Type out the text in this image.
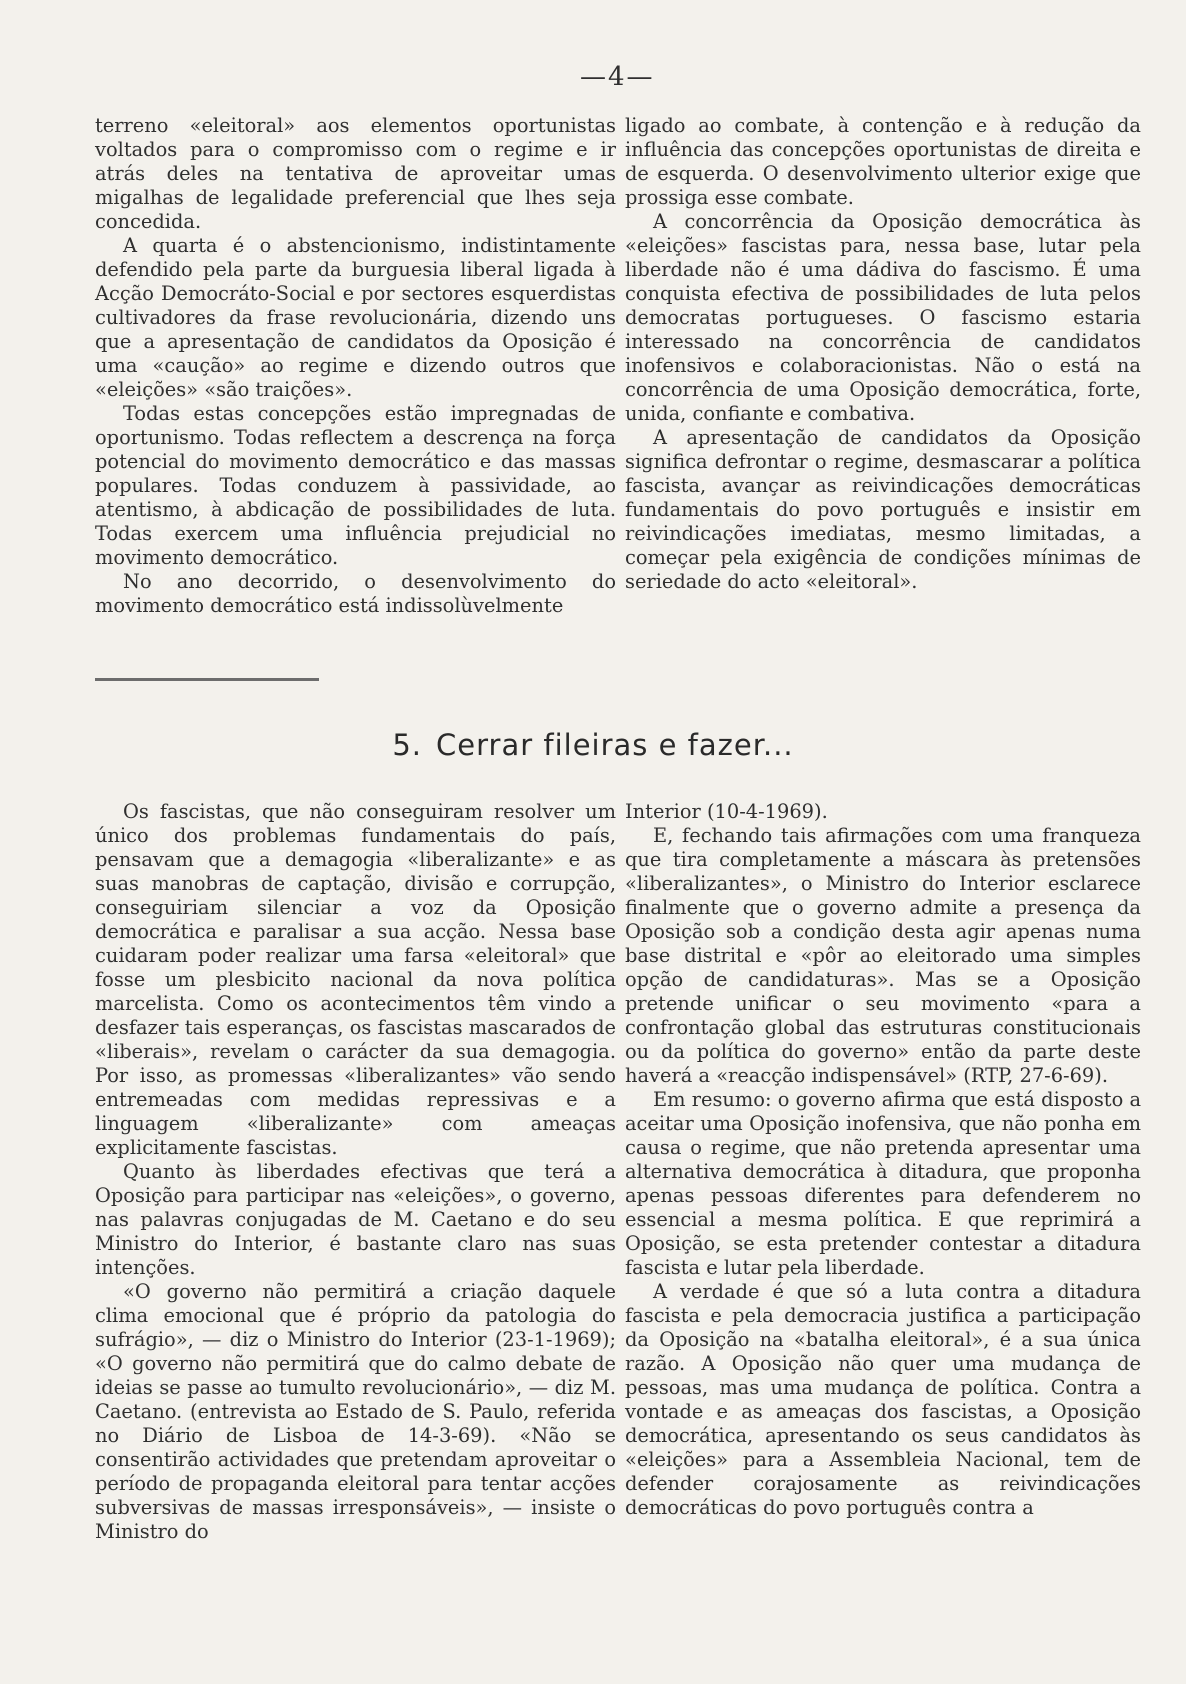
—4—

terreno «eleitoral» aos elementos oportunistas voltados para o compromisso com o regime e ir atrás deles na tentativa de aproveitar umas migalhas de legalidade preferencial que lhes seja concedida.

A quarta é o abstencionismo, indistintamente defendido pela parte da burguesia liberal ligada à Acção Democráto-Social e por sectores esquerdistas cultivadores da frase revolucionária, dizendo uns que a apresentação de candidatos da Oposição é uma «caução» ao regime e dizendo outros que «eleições» «são traições».

Todas estas concepções estão impregnadas de oportunismo. Todas reflectem a descrença na força potencial do movimento democrático e das massas populares. Todas conduzem à passividade, ao atentismo, à abdicação de possibilidades de luta. Todas exercem uma influência prejudicial no movimento democrático.

No ano decorrido, o desenvolvimento do movimento democrático está indissolùvelmente

ligado ao combate, à contenção e à redução da influência das concepções oportunistas de direita e de esquerda. O desenvolvimento ulterior exige que prossiga esse combate.

A concorrência da Oposição democrática às «eleições» fascistas para, nessa base, lutar pela liberdade não é uma dádiva do fascismo. É uma conquista efectiva de possibilidades de luta pelos democratas portugueses. O fascismo estaria interessado na concorrência de candidatos inofensivos e colaboracionistas. Não o está na concorrência de uma Oposição democrática, forte, unida, confiante e combativa.

A apresentação de candidatos da Oposição significa defrontar o regime, desmascarar a política fascista, avançar as reivindicações democráticas fundamentais do povo português e insistir em reivindicações imediatas, mesmo limitadas, a começar pela exigência de condições mínimas de seriedade do acto «eleitoral».

5. Cerrar fileiras e fazer...

Os fascistas, que não conseguiram resolver um único dos problemas fundamentais do país, pensavam que a demagogia «liberalizante» e as suas manobras de captação, divisão e corrupção, conseguiriam silenciar a voz da Oposição democrática e paralisar a sua acção. Nessa base cuidaram poder realizar uma farsa «eleitoral» que fosse um plesbicito nacional da nova política marcelista. Como os acontecimentos têm vindo a desfazer tais esperanças, os fascistas mascarados de «liberais», revelam o carácter da sua demagogia. Por isso, as promessas «liberalizantes» vão sendo entremeadas com medidas repressivas e a linguagem «liberalizante» com ameaças explicitamente fascistas.

Quanto às liberdades efectivas que terá a Oposição para participar nas «eleições», o governo, nas palavras conjugadas de M. Caetano e do seu Ministro do Interior, é bastante claro nas suas intenções.

«O governo não permitirá a criação daquele clima emocional que é próprio da patologia do sufrágio», — diz o Ministro do Interior (23-1-1969); «O governo não permitirá que do calmo debate de ideias se passe ao tumulto revolucionário», — diz M. Caetano. (entrevista ao Estado de S. Paulo, referida no Diário de Lisboa de 14-3-69). «Não se consentirão actividades que pretendam aproveitar o período de propaganda eleitoral para tentar acções subversivas de massas irresponsáveis», — insiste o Ministro do

Interior (10-4-1969).

E, fechando tais afirmações com uma franqueza que tira completamente a máscara às pretensões «liberalizantes», o Ministro do Interior esclarece finalmente que o governo admite a presença da Oposição sob a condição desta agir apenas numa base distrital e «pôr ao eleitorado uma simples opção de candidaturas». Mas se a Oposição pretende unificar o seu movimento «para a confrontação global das estruturas constitucionais ou da política do governo» então da parte deste haverá a «reacção indispensável» (RTP, 27-6-69).

Em resumo: o governo afirma que está disposto a aceitar uma Oposição inofensiva, que não ponha em causa o regime, que não pretenda apresentar uma alternativa democrática à ditadura, que proponha apenas pessoas diferentes para defenderem no essencial a mesma política. E que reprimirá a Oposição, se esta pretender contestar a ditadura fascista e lutar pela liberdade.

A verdade é que só a luta contra a ditadura fascista e pela democracia justifica a participação da Oposição na «batalha eleitoral», é a sua única razão. A Oposição não quer uma mudança de pessoas, mas uma mudança de política. Contra a vontade e as ameaças dos fascistas, a Oposição democrática, apresentando os seus candidatos às «eleições» para a Assembleia Nacional, tem de defender corajosamente as reivindicações democráticas do povo português contra a
